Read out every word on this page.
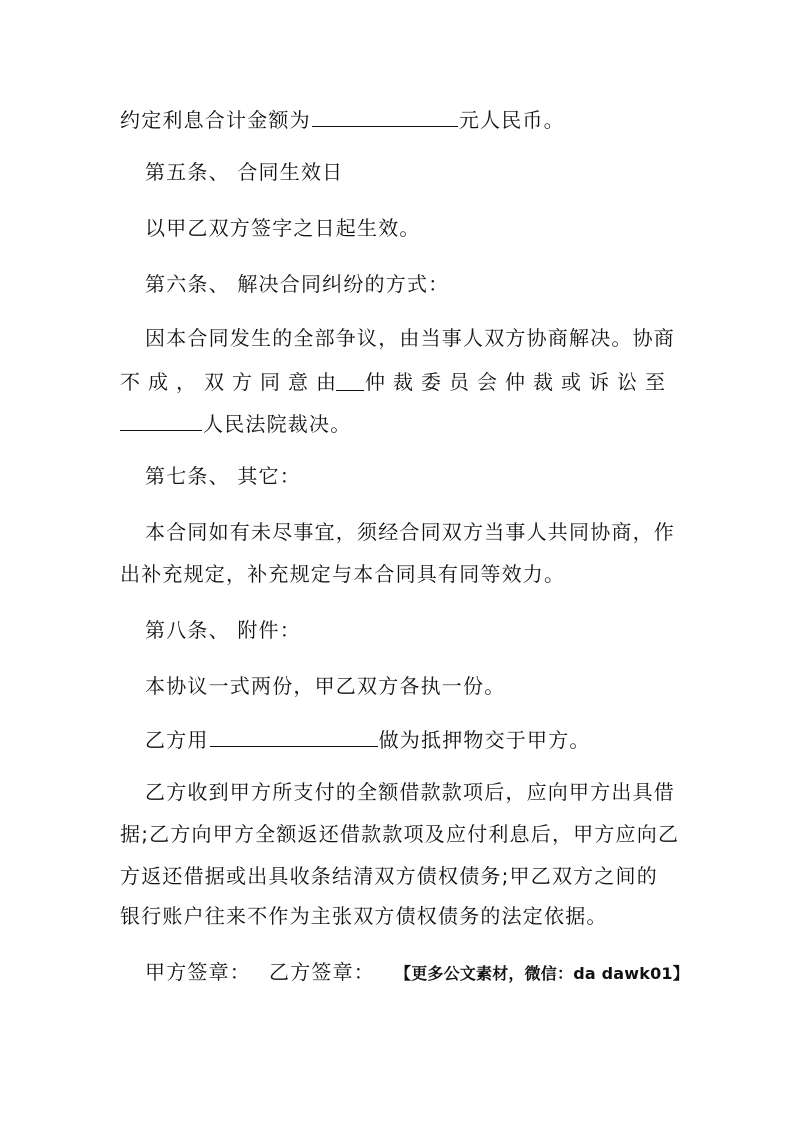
约定利息合计金额为	元人民币。
第五条、 合同生效日
以甲乙双方签字之日起生效。
第六条、 解决合同纠纷的方式：
因本合同发生的全部争议，由当事人双方协商解决。协商
不成，双方同意由 仲裁委员会仲裁或诉讼至
人民法院裁决。
第七条、 其它：
本合同如有未尽事宜，须经合同双方当事人共同协商，作
出补充规定，补充规定与本合同具有同等效力。
第八条、 附件：
本协议一式两份，甲乙双方各执一份。
乙方用	做为抵押物交于甲方。
乙方收到甲方所支付的全额借款款项后，应向甲方出具借
据;乙方向甲方全额返还借款款项及应付利息后，甲方应向乙
方返还借据或出具收条结清双方债权债务;甲乙双方之间的
银行账户往来不作为主张双方债权债务的法定依据。
甲方签章： 乙方签章： 【更多公文素材，微信：da dawk01】
